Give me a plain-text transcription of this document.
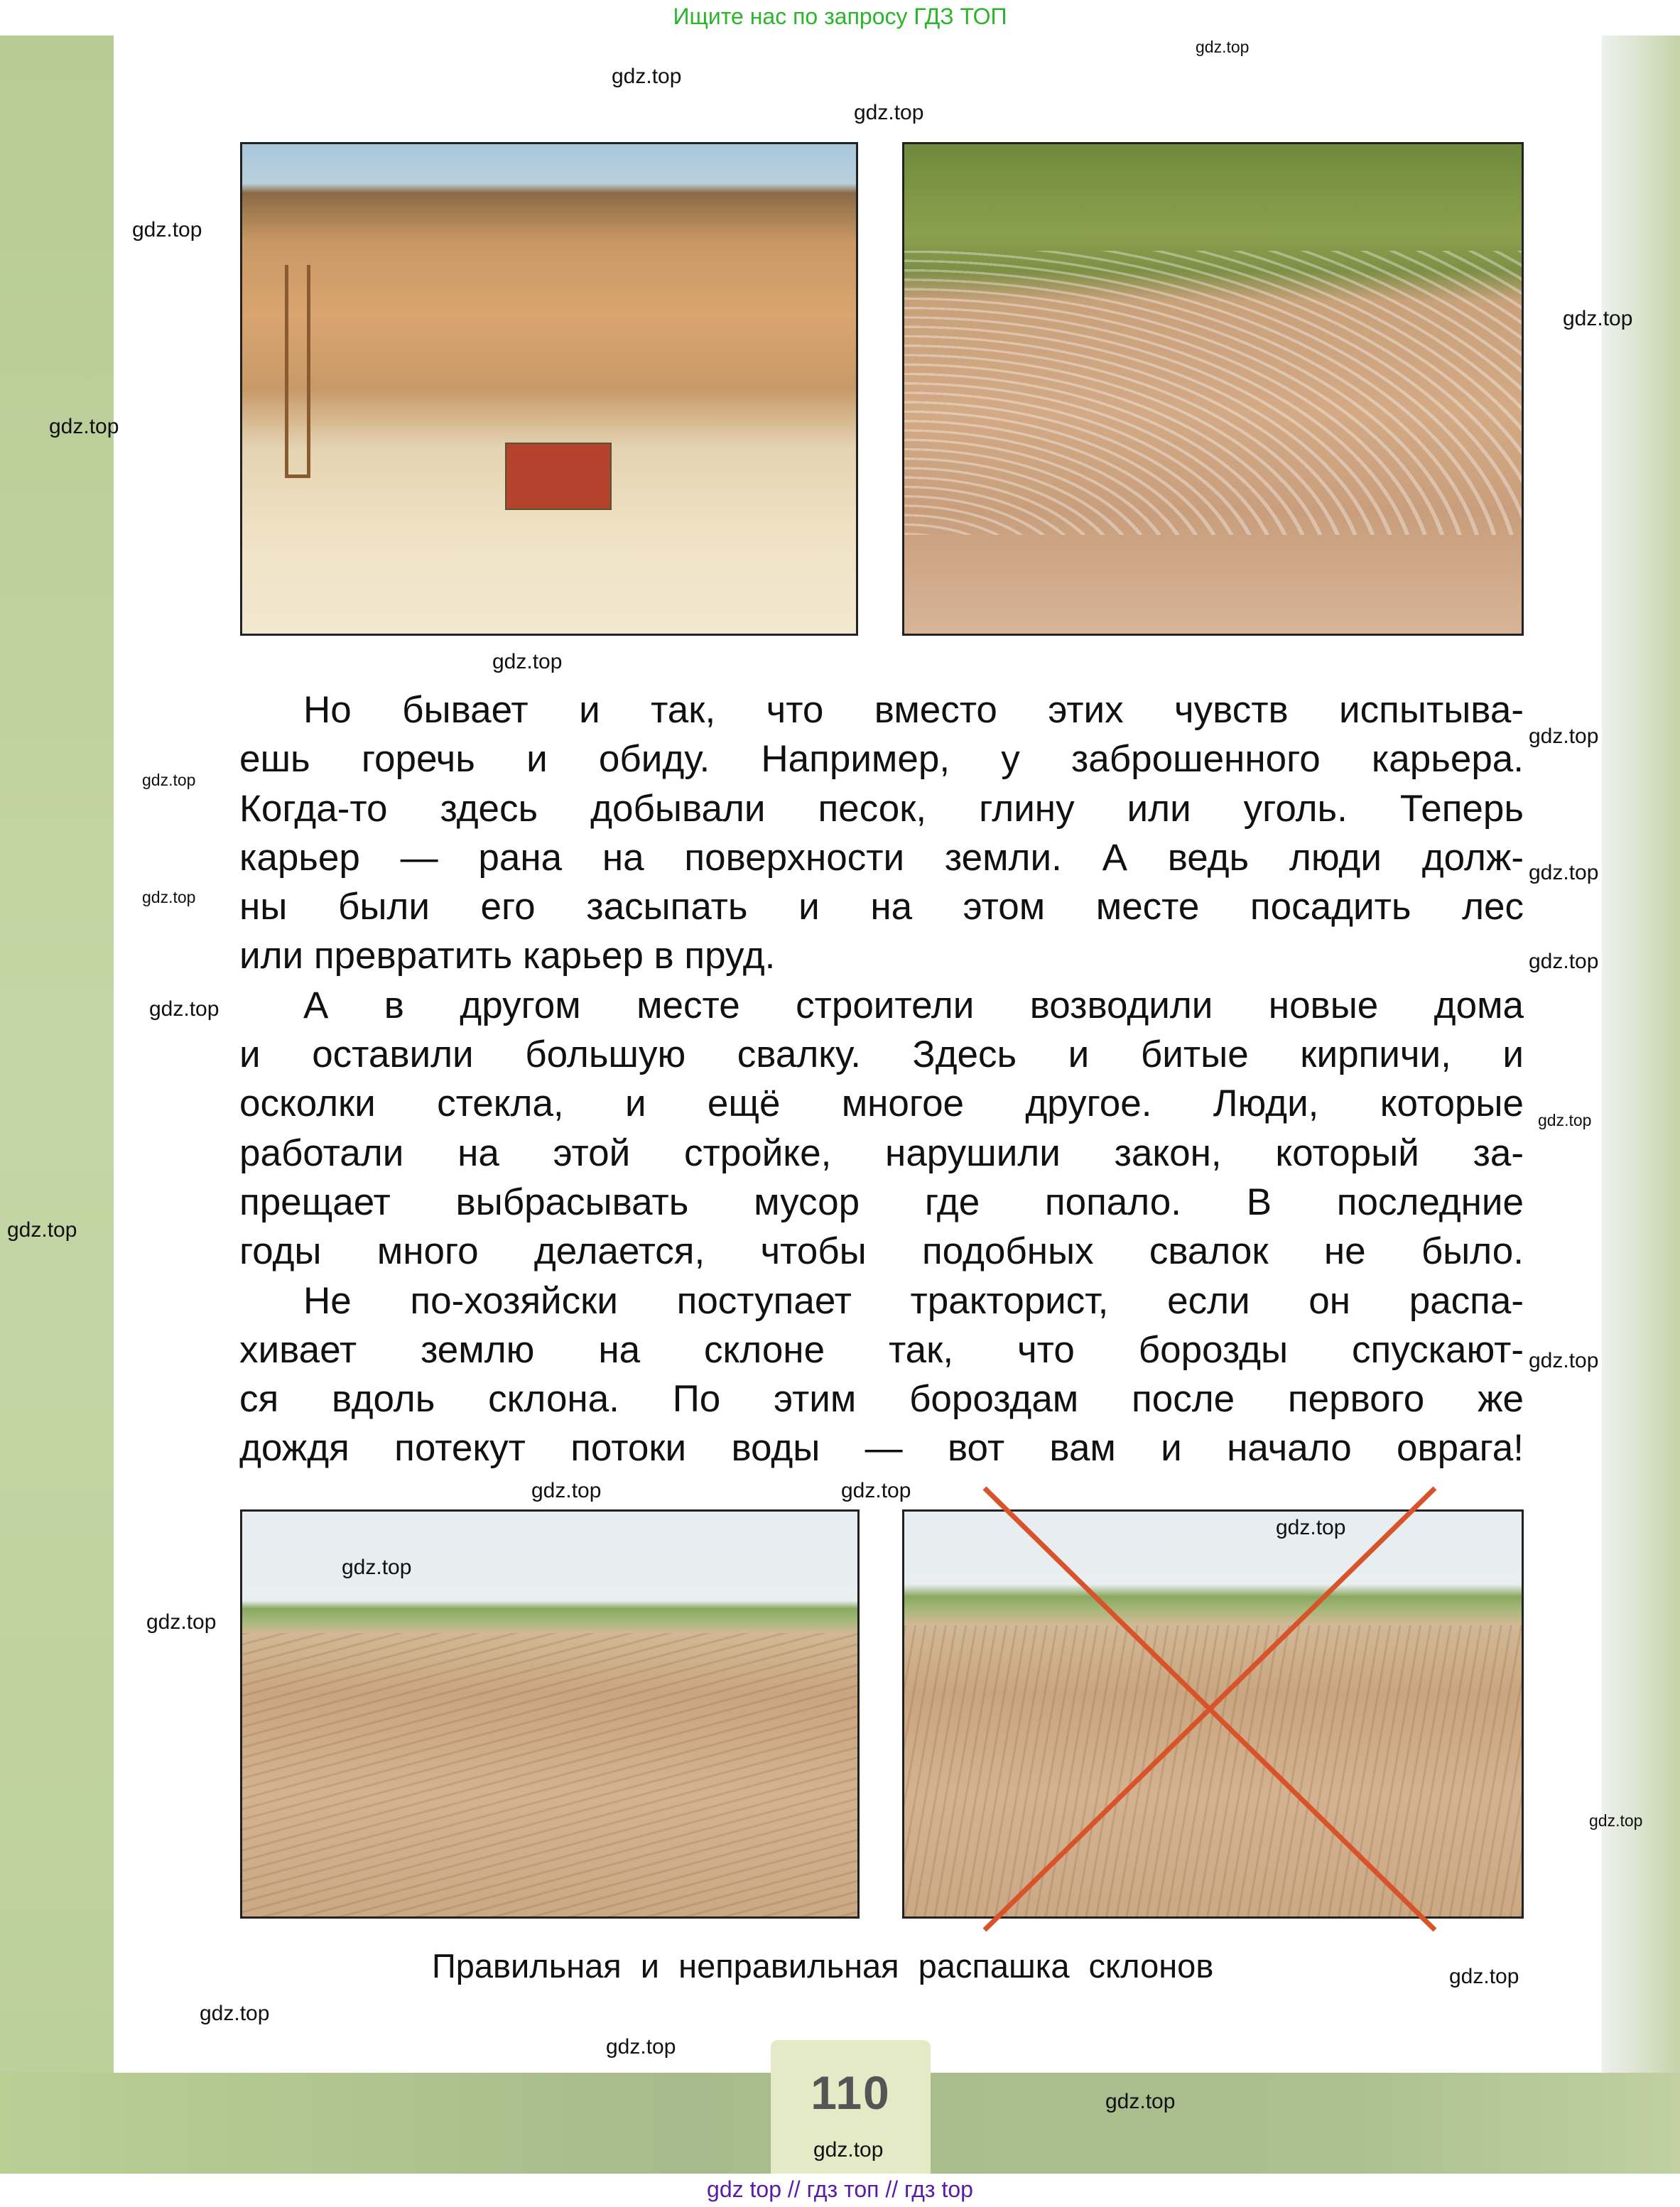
Ищите нас по запросу ГДЗ ТОП
Но бывает и так, что вместо этих чувств испытыва-
ешь горечь и обиду. Например, у заброшенного карьера.
Когда-то здесь добывали песок, глину или уголь. Теперь
карьер — рана на поверхности земли. А ведь люди долж-
ны были его засыпать и на этом месте посадить лес
или превратить карьер в пруд.
А в другом месте строители возводили новые дома
и оставили большую свалку. Здесь и битые кирпичи, и
осколки стекла, и ещё многое другое. Люди, которые
работали на этой стройке, нарушили закон, который за-
прещает выбрасывать мусор где попало. В последние
годы много делается, чтобы подобных свалок не было.
Не по-хозяйски поступает тракторист, если он распа-
хивает землю на склоне так, что борозды спускают-
ся вдоль склона. По этим бороздам после первого же
дождя потекут потоки воды — вот вам и начало оврага!
Правильная и неправильная распашка склонов
110
gdz top // гдз топ // гдз top
gdz.top
gdz.top
gdz.top
gdz.top
gdz.top
gdz.top
gdz.top
gdz.top
gdz.top
gdz.top
gdz.top
gdz.top
gdz.top
gdz.top
gdz.top
gdz.top
gdz.top
gdz.top
gdz.top
gdz.top
gdz.top
gdz.top
gdz.top
gdz.top
gdz.top
gdz.top
gdz.top
